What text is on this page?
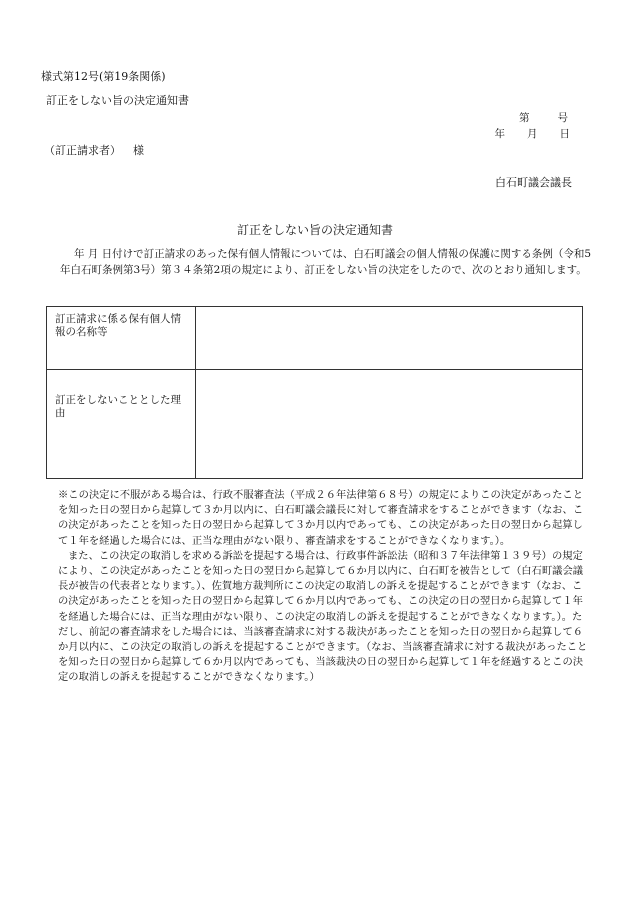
様式第12号(第19条関係)
訂正をしない旨の決定通知書
第	号
年 月 日
（訂正請求者） 様
白石町議会議長
訂正をしない旨の決定通知書
年 月 日付けで訂正請求のあった保有個人情報については、白石町議会の個人情報の保護に関する条例（令和5年白石町条例第3号）第３４条第2項の規定により、訂正をしない旨の決定をしたので、次のとおり通知します。
訂正請求に係る保有個人情報の名称等	
訂正をしないこととした理由	

※この決定に不服がある場合は、行政不服審査法（平成２６年法律第６８号）の規定によりこの決定があったことを知った日の翌日から起算して３か月以内に、白石町議会議長に対して審査請求をすることができます（なお、この決定があったことを知った日の翌日から起算して３か月以内であっても、この決定があった日の翌日から起算して１年を経過した場合には、正当な理由がない限り、審査請求をすることができなくなります。）。

また、この決定の取消しを求める訴訟を提起する場合は、行政事件訴訟法（昭和３７年法律第１３９号）の規定により、この決定があったことを知った日の翌日から起算して６か月以内に、白石町を被告として（白石町議会議長が被告の代表者となります。）、佐賀地方裁判所にこの決定の取消しの訴えを提起することができます（なお、この決定があったことを知った日の翌日から起算して６か月以内であっても、この決定の日の翌日から起算して１年を経過した場合には、正当な理由がない限り、この決定の取消しの訴えを提起することができなくなります。）。ただし、前記の審査請求をした場合には、当該審査請求に対する裁決があったことを知った日の翌日から起算して６か月以内に、この決定の取消しの訴えを提起することができます。（なお、当該審査請求に対する裁決があったことを知った日の翌日から起算して６か月以内であっても、当該裁決の日の翌日から起算して１年を経過するとこの決定の取消しの訴えを提起することができなくなります。）
